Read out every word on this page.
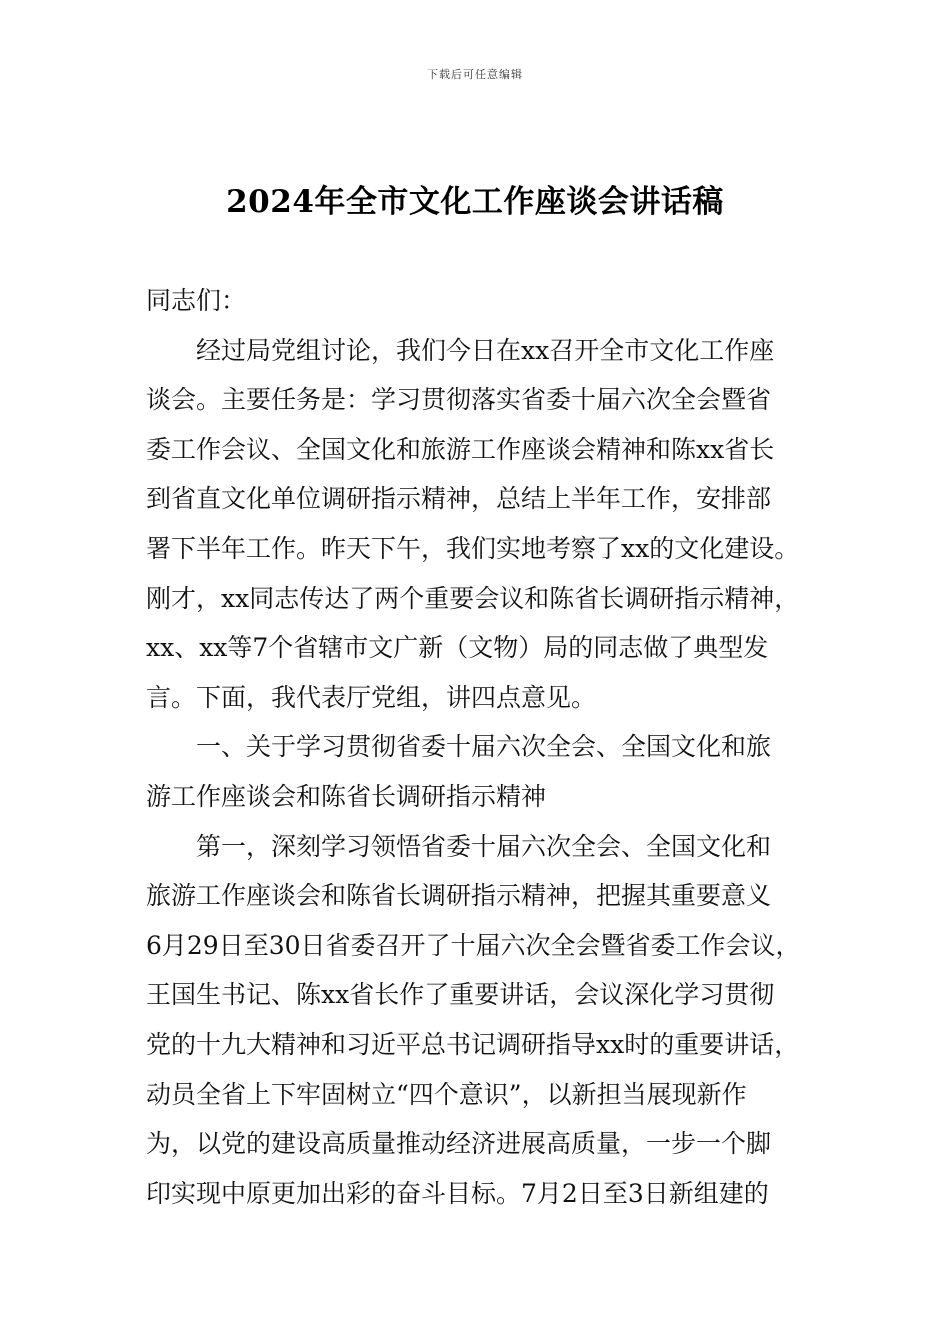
下载后可任意编辑
2024年全市文化工作座谈会讲话稿
同志们：
　　经过局党组讨论，我们今日在xx召开全市文化工作座
谈会。主要任务是：学习贯彻落实省委十届六次全会暨省
委工作会议、全国文化和旅游工作座谈会精神和陈xx省长
到省直文化单位调研指示精神，总结上半年工作，安排部
署下半年工作。昨天下午，我们实地考察了xx的文化建设。
刚才，xx同志传达了两个重要会议和陈省长调研指示精神，
xx、xx等7个省辖市文广新（文物）局的同志做了典型发
言。下面，我代表厅党组，讲四点意见。
　　一、关于学习贯彻省委十届六次全会、全国文化和旅
游工作座谈会和陈省长调研指示精神
　　第一，深刻学习领悟省委十届六次全会、全国文化和
旅游工作座谈会和陈省长调研指示精神，把握其重要意义
6月29日至30日省委召开了十届六次全会暨省委工作会议，
王国生书记、陈xx省长作了重要讲话，会议深化学习贯彻
党的十九大精神和习近平总书记调研指导xx时的重要讲话，
动员全省上下牢固树立“四个意识”，以新担当展现新作
为，以党的建设高质量推动经济进展高质量，一步一个脚
印实现中原更加出彩的奋斗目标。7月2日至3日新组建的
